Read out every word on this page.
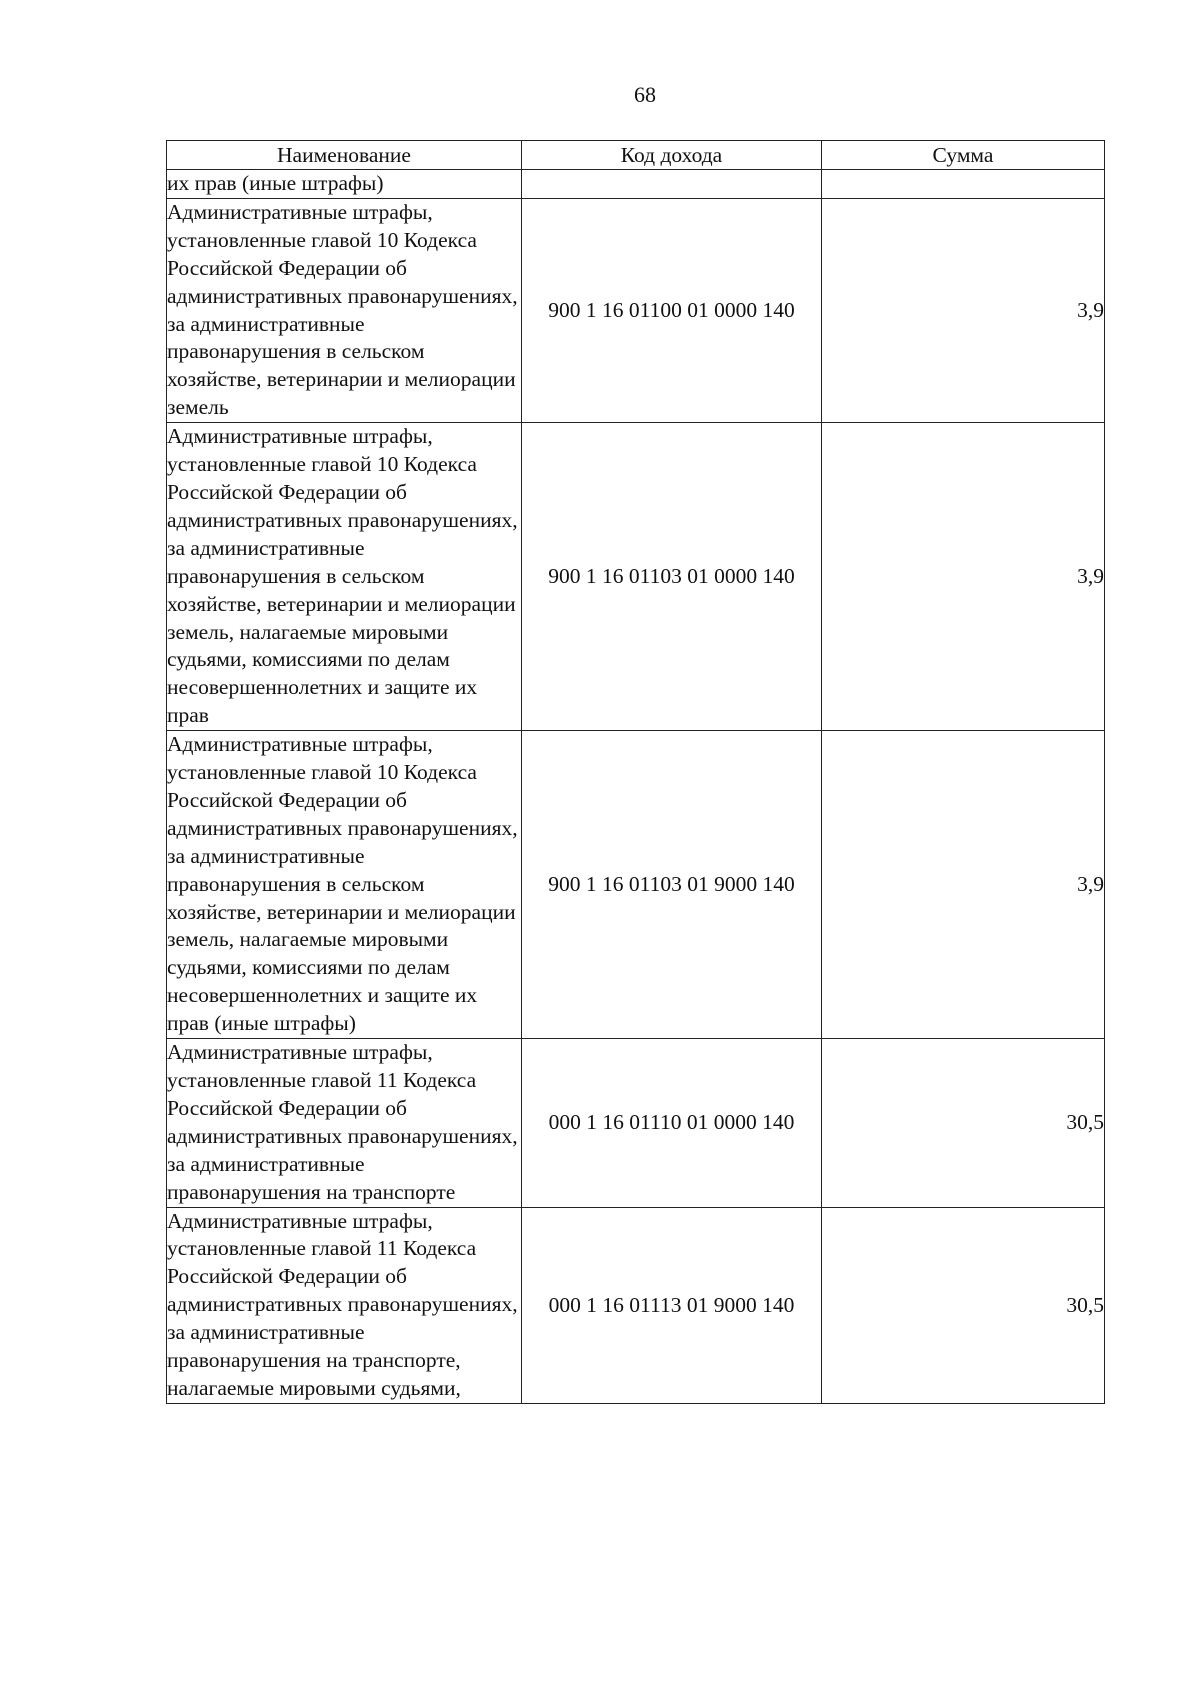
68
Наименование	Код дохода	Сумма
их прав (иные штрафы)		
Административные штрафы, установленные главой 10 Кодекса Российской Федерации об административных правонарушениях, за административные правонарушения в сельском хозяйстве, ветеринарии и мелиорации земель	900 1 16 01100 01 0000 140	3,9
Административные штрафы, установленные главой 10 Кодекса Российской Федерации об административных правонарушениях, за административные правонарушения в сельском хозяйстве, ветеринарии и мелиорации земель, налагаемые мировыми судьями, комиссиями по делам несовершеннолетних и защите их прав	900 1 16 01103 01 0000 140	3,9
Административные штрафы, установленные главой 10 Кодекса Российской Федерации об административных правонарушениях, за административные правонарушения в сельском хозяйстве, ветеринарии и мелиорации земель, налагаемые мировыми судьями, комиссиями по делам несовершеннолетних и защите их прав (иные штрафы)	900 1 16 01103 01 9000 140	3,9
Административные штрафы, установленные главой 11 Кодекса Российской Федерации об административных правонарушениях, за административные правонарушения на транспорте	000 1 16 01110 01 0000 140	30,5
Административные штрафы, установленные главой 11 Кодекса Российской Федерации об административных правонарушениях, за административные правонарушения на транспорте, налагаемые мировыми судьями,	000 1 16 01113 01 9000 140	30,5
